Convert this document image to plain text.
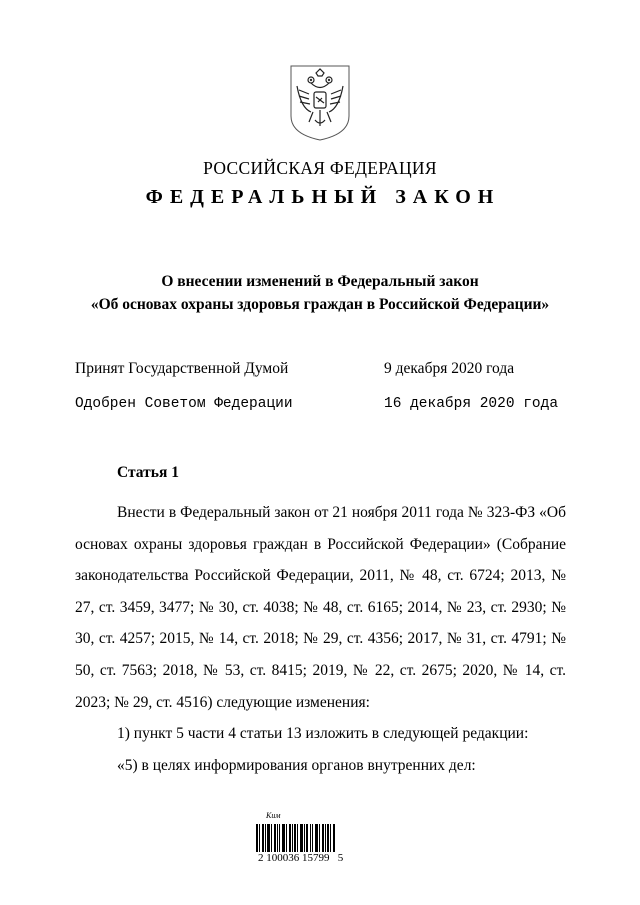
РОССИЙСКАЯ ФЕДЕРАЦИЯ
ФЕДЕРАЛЬНЫЙ ЗАКОН
О внесении изменений в Федеральный закон
«Об основах охраны здоровья граждан в Российской Федерации»
Принят Государственной Думой	9 декабря 2020 года
Одобрен Советом Федерации	16 декабря 2020 года
Статья 1

Внести в Федеральный закон от 21 ноября 2011 года № 323-ФЗ «Об основах охраны здоровья граждан в Российской Федерации» (Собрание законодательства Российской Федерации, 2011, № 48, ст. 6724; 2013, № 27, ст. 3459, 3477; № 30, ст. 4038; № 48, ст. 6165; 2014, № 23, ст. 2930; № 30, ст. 4257; 2015, № 14, ст. 2018; № 29, ст. 4356; 2017, № 31, ст. 4791; № 50, ст. 7563; 2018, № 53, ст. 8415; 2019, № 22, ст. 2675; 2020, № 14, ст. 2023; № 29, ст. 4516) следующие изменения:

1) пункт 5 части 4 статьи 13 изложить в следующей редакции:

«5) в целях информирования органов внутренних дел:

Ким
2 100036 15799   5
